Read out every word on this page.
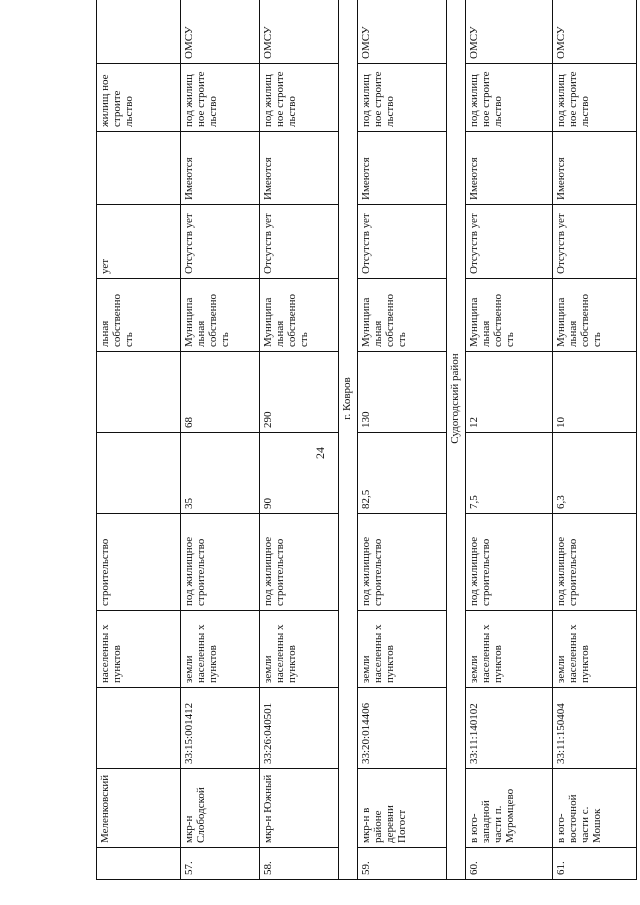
24
	Меленковский		населенны х пунктов	строительство			льная собственно сть	ует		жилищ ное строите льство		
57.	мкр-н Слободской	33:15:001412	земли населенны х пунктов	под жилищное строительство	35	68	Муниципа льная собственно сть	Отсутств ует	Имеются	под жилищ ное строите льство	ОМСУ	
58.	мкр-н Южный	33:26:040501	земли населенны х пунктов	под жилищное строительство	90	290	Муниципа льная собственно сть	Отсутств ует	Имеются	под жилищ ное строите льство	ОМСУ	
г. Ковров												
59.	мкр-н в районе деревни Погост	33:20:014406	земли населенны х пунктов	под жилищное строительство	82,5	130	Муниципа льная собственно сть	Отсутств ует	Имеются	под жилищ ное строите льство	ОМСУ	
Судогодский район												
60.	в юго-западной части п. Муромцево	33:11:140102	земли населенны х пунктов	под жилищное строительство	7,5	12	Муниципа льная собственно сть	Отсутств ует	Имеются	под жилищ ное строите льство	ОМСУ	
61.	в юго-восточной части с. Мошок	33:11:150404	земли населенны х пунктов	под жилищное строительство	6,3	10	Муниципа льная собственно сть	Отсутств ует	Имеются	под жилищ ное строите льство	ОМСУ	
